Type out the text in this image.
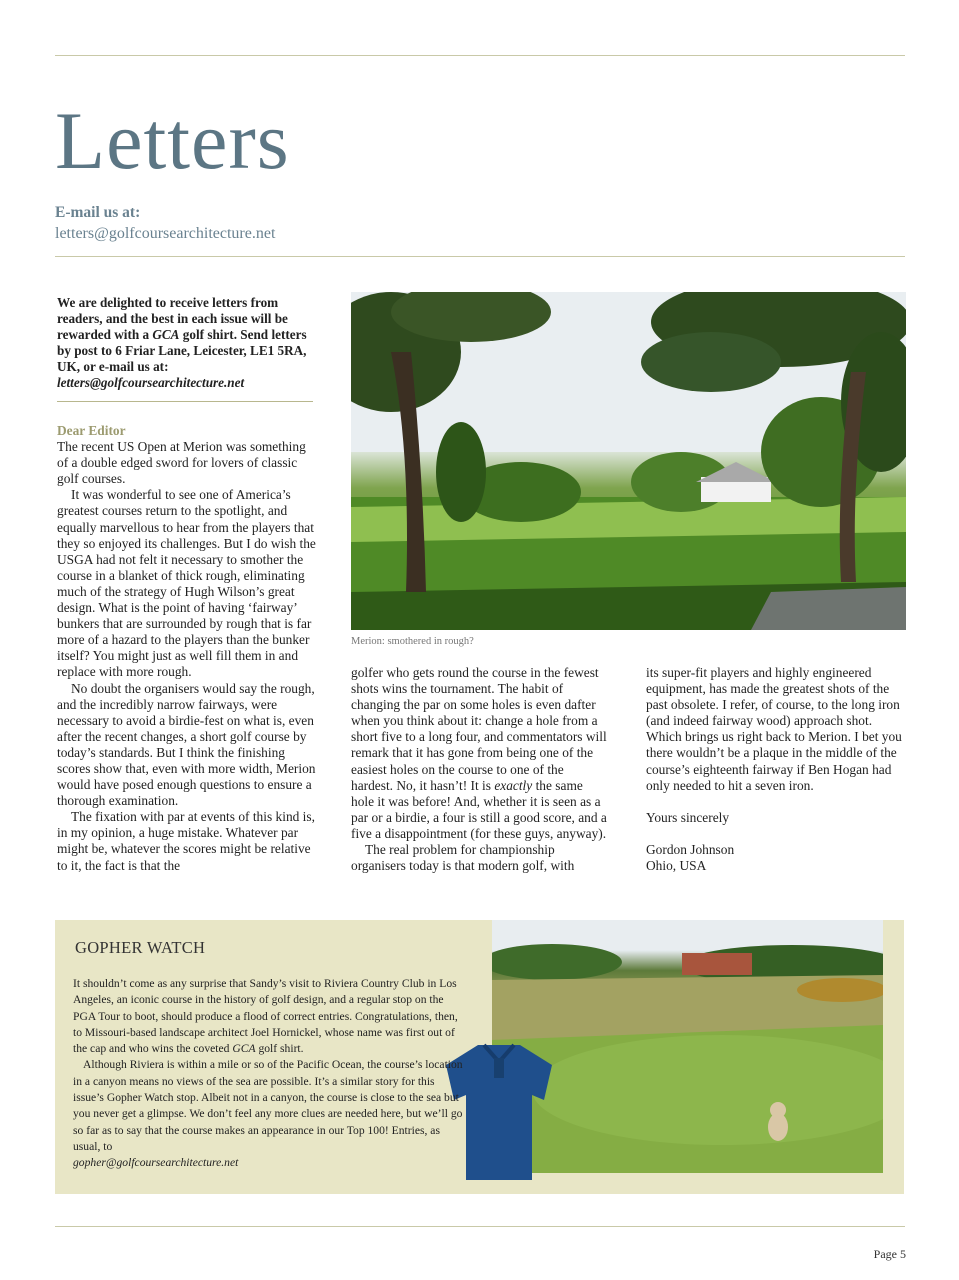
Letters
E-mail us at:
letters@golfcoursearchitecture.net
We are delighted to receive letters from readers, and the best in each issue will be rewarded with a GCA golf shirt. Send letters by post to 6 Friar Lane, Leicester, LE1 5RA, UK, or e-mail us at:
letters@golfcoursearchitecture.net
Dear Editor

The recent US Open at Merion was something of a double edged sword for lovers of classic golf courses.

It was wonderful to see one of America’s greatest courses return to the spotlight, and equally marvellous to hear from the players that they so enjoyed its challenges. But I do wish the USGA had not felt it necessary to smother the course in a blanket of thick rough, eliminating much of the strategy of Hugh Wilson’s great design. What is the point of having ‘fairway’ bunkers that are surrounded by rough that is far more of a hazard to the players than the bunker itself? You might just as well fill them in and replace with more rough.

No doubt the organisers would say the rough, and the incredibly narrow fairways, were necessary to avoid a birdie-fest on what is, even after the recent changes, a short golf course by today’s standards. But I think the finishing scores show that, even with more width, Merion would have posed enough questions to ensure a thorough examination.

The fixation with par at events of this kind is, in my opinion, a huge mistake. Whatever par might be, whatever the scores might be relative to it, the fact is that the

Merion: smothered in rough?

golfer who gets round the course in the fewest shots wins the tournament. The habit of changing the par on some holes is even dafter when you think about it: change a hole from a short five to a long four, and commentators will remark that it has gone from being one of the easiest holes on the course to one of the hardest. No, it hasn’t! It is exactly the same hole it was before! And, whether it is seen as a par or a birdie, a four is still a good score, and a five a disappointment (for these guys, anyway).

The real problem for championship organisers today is that modern golf, with

its super-fit players and highly engineered equipment, has made the greatest shots of the past obsolete. I refer, of course, to the long iron (and indeed fairway wood) approach shot. Which brings us right back to Merion. I bet you there wouldn’t be a plaque in the middle of the course’s eighteenth fairway if Ben Hogan had only needed to hit a seven iron.

Yours sincerely

Gordon Johnson

Ohio, USA

GOPHER WATCH

It shouldn’t come as any surprise that Sandy’s visit to Riviera Country Club in Los Angeles, an iconic course in the history of golf design, and a regular stop on the PGA Tour to boot, should produce a flood of correct entries. Congratulations, then, to Missouri-based landscape architect Joel Hornickel, whose name was first out of the cap and who wins the coveted GCA golf shirt.

Although Riviera is within a mile or so of the Pacific Ocean, the course’s location in a canyon means no views of the sea are possible. It’s a similar story for this issue’s Gopher Watch stop. Albeit not in a canyon, the course is close to the sea but you never get a glimpse. We don’t feel any more clues are needed here, but we’ll go so far as to say that the course makes an appearance in our Top 100! Entries, as usual, to

gopher@golfcoursearchitecture.net

Page 5
